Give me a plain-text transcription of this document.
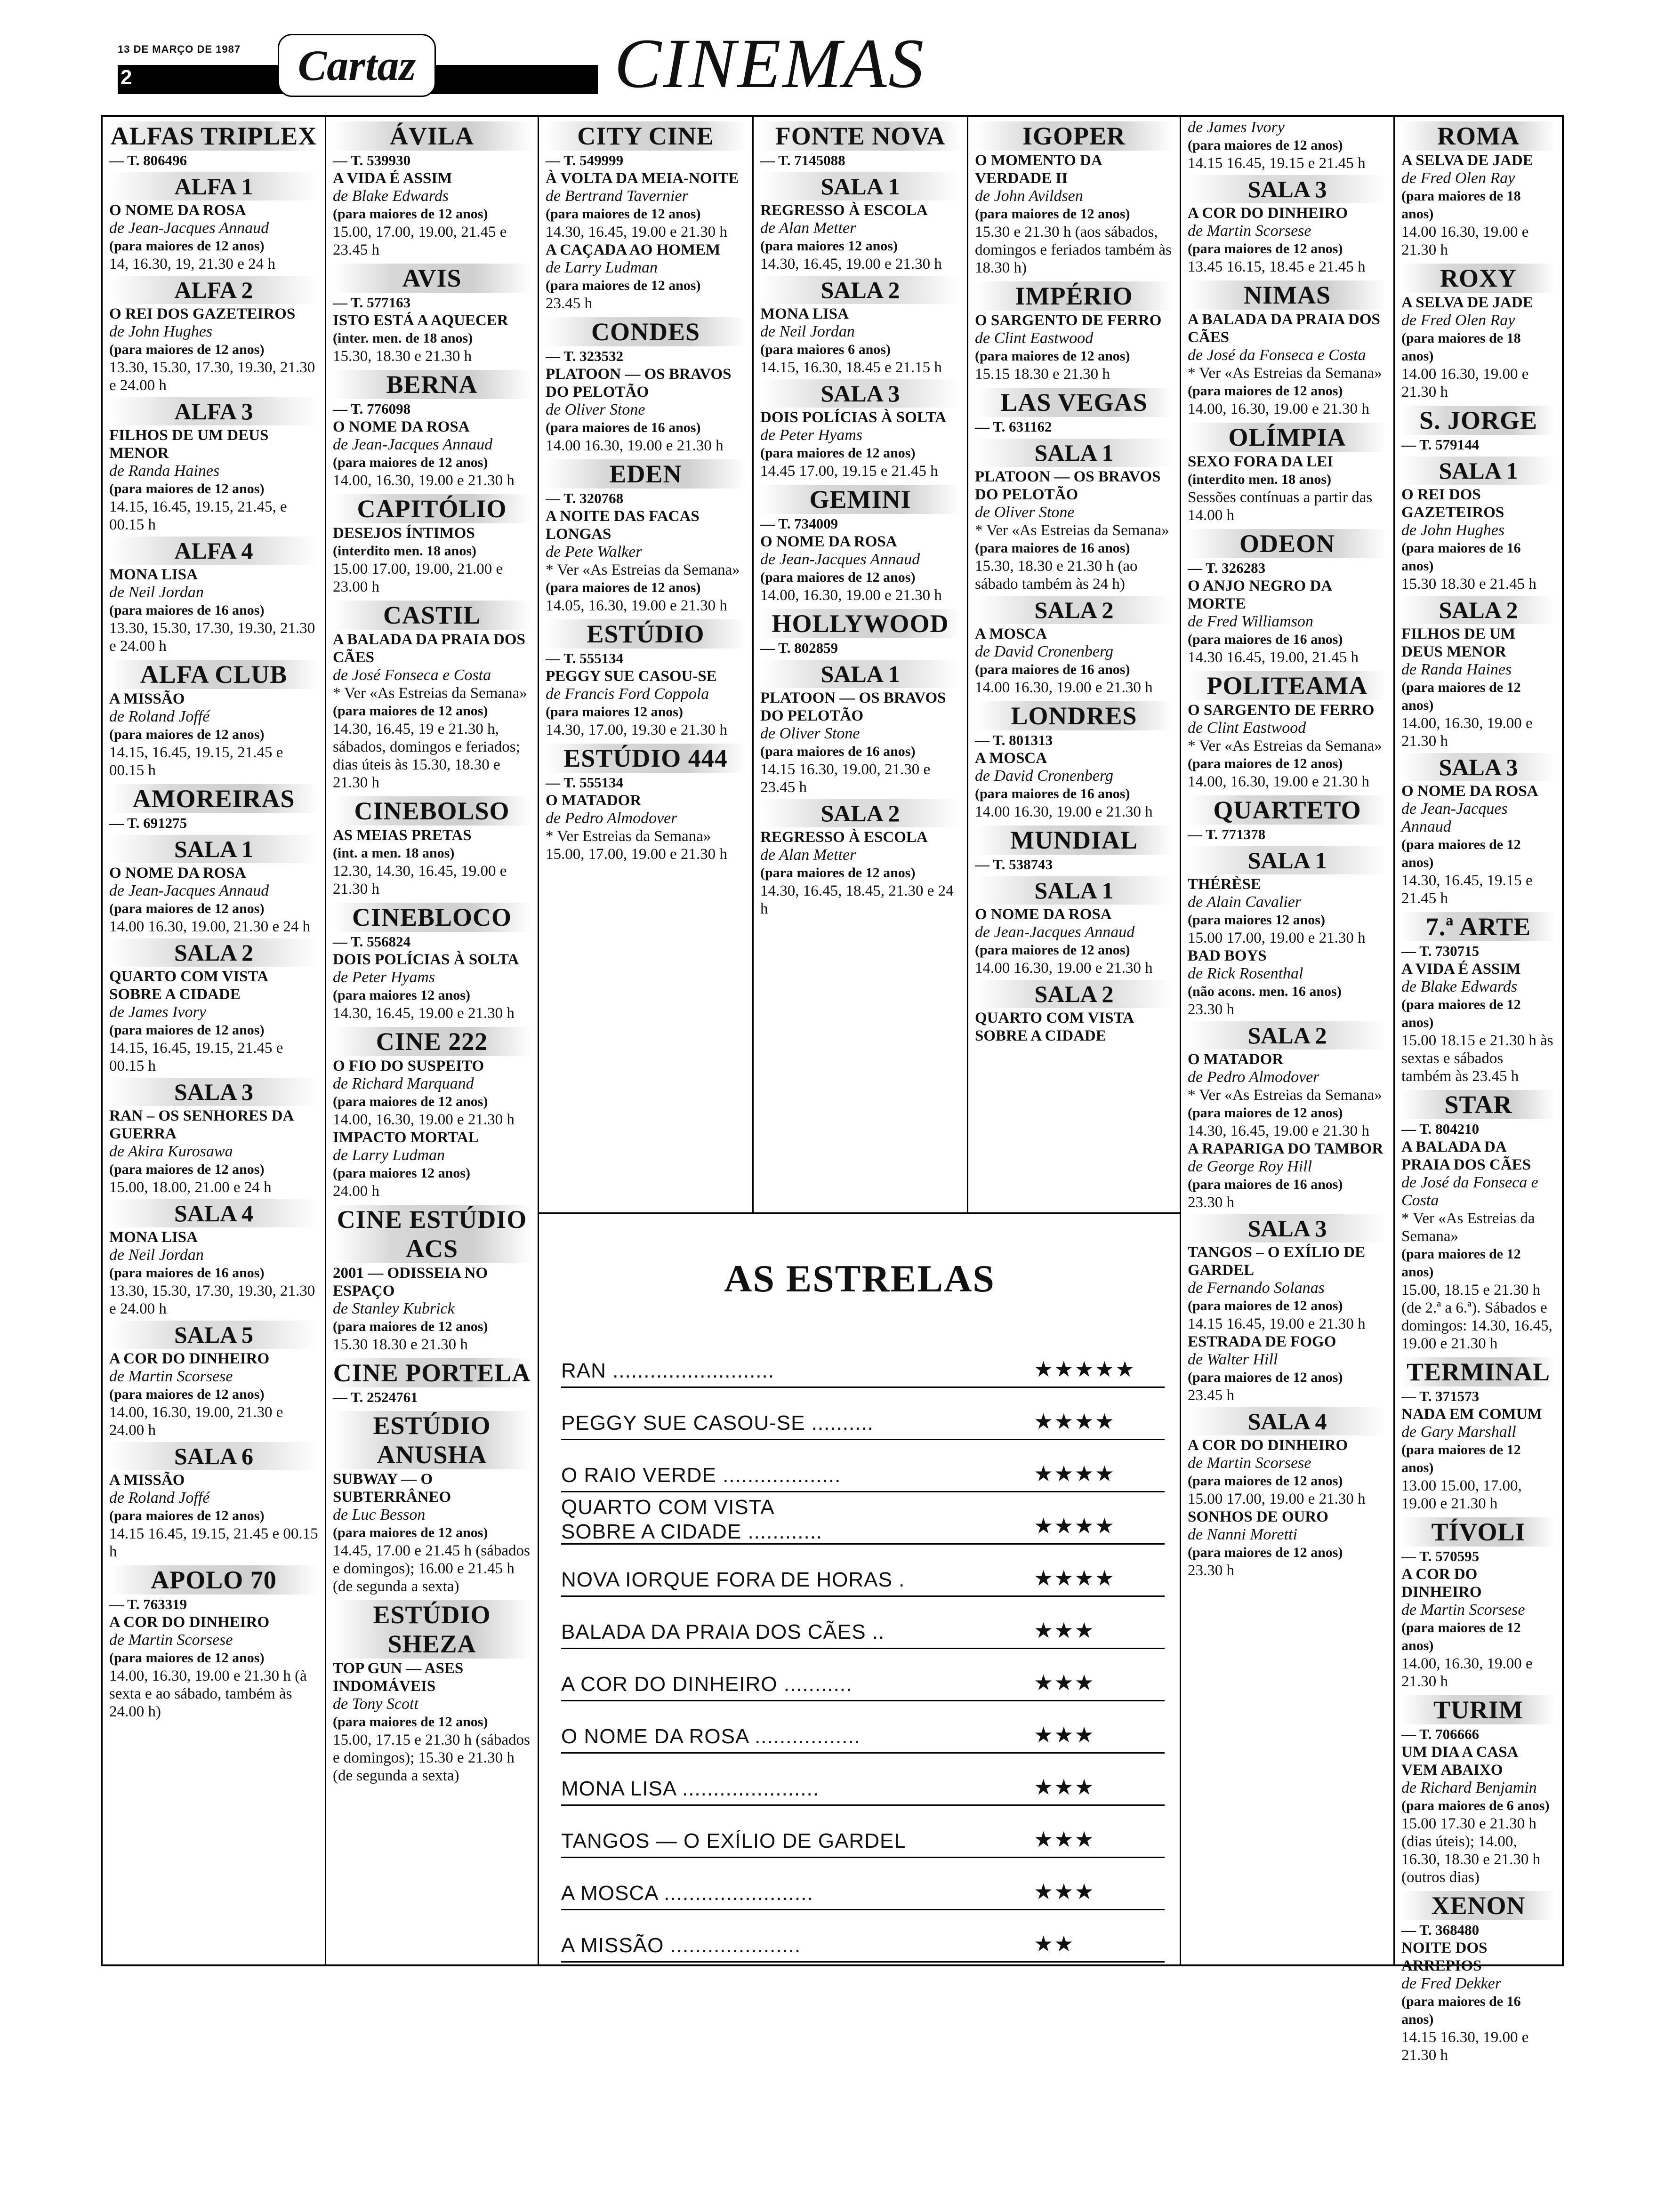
13 DE MARÇO DE 1987
2	Cartaz	CINEMAS
ALFAS TRIPLEX
— T. 806496
ALFA 1
O NOME DA ROSA
de Jean-Jacques Annaud
(para maiores de 12 anos)
14, 16.30, 19, 21.30 e 24 h
ALFA 2
O REI DOS GAZETEIROS
de John Hughes
(para maiores de 12 anos)
13.30, 15.30, 17.30, 19.30, 21.30 e 24.00 h
ALFA 3
FILHOS DE UM DEUS MENOR
de Randa Haines
(para maiores de 12 anos)
14.15, 16.45, 19.15, 21.45, e 00.15 h
ALFA 4
MONA LISA
de Neil Jordan
(para maiores de 16 anos)
13.30, 15.30, 17.30, 19.30, 21.30 e 24.00 h
ALFA CLUB
A MISSÃO
de Roland Joffé
(para maiores de 12 anos)
14.15, 16.45, 19.15, 21.45 e 00.15 h
AMOREIRAS
— T. 691275
SALA 1
O NOME DA ROSA
de Jean-Jacques Annaud
(para maiores de 12 anos)
14.00 16.30, 19.00, 21.30 e 24 h
SALA 2
QUARTO COM VISTA SOBRE A CIDADE
de James Ivory
(para maiores de 12 anos)
14.15, 16.45, 19.15, 21.45 e 00.15 h
SALA 3
RAN – OS SENHORES DA GUERRA
de Akira Kurosawa
(para maiores de 12 anos)
15.00, 18.00, 21.00 e 24 h
SALA 4
MONA LISA
de Neil Jordan
(para maiores de 16 anos)
13.30, 15.30, 17.30, 19.30, 21.30 e 24.00 h
SALA 5
A COR DO DINHEIRO
de Martin Scorsese
(para maiores de 12 anos)
14.00, 16.30, 19.00, 21.30 e 24.00 h
SALA 6
A MISSÃO
de Roland Joffé
(para maiores de 12 anos)
14.15 16.45, 19.15, 21.45 e 00.15 h
APOLO 70
— T. 763319
A COR DO DINHEIRO
de Martin Scorsese
(para maiores de 12 anos)
14.00, 16.30, 19.00 e 21.30 h (à sexta e ao sábado, também às 24.00 h)
ÁVILA
— T. 539930
A VIDA É ASSIM
de Blake Edwards
(para maiores de 12 anos)
15.00, 17.00, 19.00, 21.45 e 23.45 h
AVIS
— T. 577163
ISTO ESTÁ A AQUECER
(inter. men. de 18 anos)
15.30, 18.30 e 21.30 h
BERNA
— T. 776098
O NOME DA ROSA
de Jean-Jacques Annaud
(para maiores de 12 anos)
14.00, 16.30, 19.00 e 21.30 h
CAPITÓLIO
DESEJOS ÍNTIMOS
(interdito men. 18 anos)
15.00 17.00, 19.00, 21.00 e 23.00 h
CASTIL
A BALADA DA PRAIA DOS CÃES
de José Fonseca e Costa
* Ver «As Estreias da Semana»
(para maiores de 12 anos)
14.30, 16.45, 19 e 21.30 h, sábados, domingos e feriados; dias úteis às 15.30, 18.30 e 21.30 h
CINEBOLSO
AS MEIAS PRETAS
(int. a men. 18 anos)
12.30, 14.30, 16.45, 19.00 e 21.30 h
CINEBLOCO
— T. 556824
DOIS POLÍCIAS À SOLTA
de Peter Hyams
(para maiores 12 anos)
14.30, 16.45, 19.00 e 21.30 h
CINE 222
O FIO DO SUSPEITO
de Richard Marquand
(para maiores de 12 anos)
14.00, 16.30, 19.00 e 21.30 h
IMPACTO MORTAL
de Larry Ludman
(para maiores 12 anos)
24.00 h
CINE ESTÚDIO ACS
2001 — ODISSEIA NO ESPAÇO
de Stanley Kubrick
(para maiores de 12 anos)
15.30 18.30 e 21.30 h
CINE PORTELA
— T. 2524761
ESTÚDIO ANUSHA
SUBWAY — O SUBTERRÂNEO
de Luc Besson
(para maiores de 12 anos)
14.45, 17.00 e 21.45 h (sábados e domingos); 16.00 e 21.45 h (de segunda a sexta)
ESTÚDIO SHEZA
TOP GUN — ASES INDOMÁVEIS
de Tony Scott
(para maiores de 12 anos)
15.00, 17.15 e 21.30 h (sábados e domingos); 15.30 e 21.30 h (de segunda a sexta)
CITY CINE
— T. 549999
À VOLTA DA MEIA-NOITE
de Bertrand Tavernier
(para maiores de 12 anos)
14.30, 16.45, 19.00 e 21.30 h
A CAÇADA AO HOMEM
de Larry Ludman
(para maiores de 12 anos)
23.45 h
CONDES
— T. 323532
PLATOON — OS BRAVOS DO PELOTÃO
de Oliver Stone
(para maiores de 16 anos)
14.00 16.30, 19.00 e 21.30 h
EDEN
— T. 320768
A NOITE DAS FACAS LONGAS
de Pete Walker
* Ver «As Estreias da Semana»
(para maiores de 12 anos)
14.05, 16.30, 19.00 e 21.30 h
ESTÚDIO
— T. 555134
PEGGY SUE CASOU-SE
de Francis Ford Coppola
(para maiores 12 anos)
14.30, 17.00, 19.30 e 21.30 h
ESTÚDIO 444
— T. 555134
O MATADOR
de Pedro Almodover
* Ver Estreias da Semana»
15.00, 17.00, 19.00 e 21.30 h
FONTE NOVA
— T. 7145088
SALA 1
REGRESSO À ESCOLA
de Alan Metter
(para maiores 12 anos)
14.30, 16.45, 19.00 e 21.30 h
SALA 2
MONA LISA
de Neil Jordan
(para maiores 6 anos)
14.15, 16.30, 18.45 e 21.15 h
SALA 3
DOIS POLÍCIAS À SOLTA
de Peter Hyams
(para maiores de 12 anos)
14.45 17.00, 19.15 e 21.45 h
GEMINI
— T. 734009
O NOME DA ROSA
de Jean-Jacques Annaud
(para maiores de 12 anos)
14.00, 16.30, 19.00 e 21.30 h
HOLLYWOOD
— T. 802859
SALA 1
PLATOON — OS BRAVOS DO PELOTÃO
de Oliver Stone
(para maiores de 16 anos)
14.15 16.30, 19.00, 21.30 e 23.45 h
SALA 2
REGRESSO À ESCOLA
de Alan Metter
(para maiores de 12 anos)
14.30, 16.45, 18.45, 21.30 e 24 h
IGOPER
O MOMENTO DA VERDADE II
de John Avildsen
(para maiores de 12 anos)
15.30 e 21.30 h (aos sábados, domingos e feriados também às 18.30 h)
IMPÉRIO
O SARGENTO DE FERRO
de Clint Eastwood
(para maiores de 12 anos)
15.15 18.30 e 21.30 h
LAS VEGAS
— T. 631162
SALA 1
PLATOON — OS BRAVOS DO PELOTÃO
de Oliver Stone
* Ver «As Estreias da Semana»
(para maiores de 16 anos)
15.30, 18.30 e 21.30 h (ao sábado também às 24 h)
SALA 2
A MOSCA
de David Cronenberg
(para maiores de 16 anos)
14.00 16.30, 19.00 e 21.30 h
LONDRES
— T. 801313
A MOSCA
de David Cronenberg
(para maiores de 16 anos)
14.00 16.30, 19.00 e 21.30 h
MUNDIAL
— T. 538743
SALA 1
O NOME DA ROSA
de Jean-Jacques Annaud
(para maiores de 12 anos)
14.00 16.30, 19.00 e 21.30 h
SALA 2
QUARTO COM VISTA SOBRE A CIDADE
de James Ivory
(para maiores de 12 anos)
14.15 16.45, 19.15 e 21.45 h
SALA 3
A COR DO DINHEIRO
de Martin Scorsese
(para maiores de 12 anos)
13.45 16.15, 18.45 e 21.45 h
NIMAS
A BALADA DA PRAIA DOS CÃES
de José da Fonseca e Costa
* Ver «As Estreias da Semana»
(para maiores de 12 anos)
14.00, 16.30, 19.00 e 21.30 h
OLÍMPIA
SEXO FORA DA LEI
(interdito men. 18 anos)
Sessões contínuas a partir das 14.00 h
ODEON
— T. 326283
O ANJO NEGRO DA MORTE
de Fred Williamson
(para maiores de 16 anos)
14.30 16.45, 19.00, 21.45 h
POLITEAMA
O SARGENTO DE FERRO
de Clint Eastwood
* Ver «As Estreias da Semana»
(para maiores de 12 anos)
14.00, 16.30, 19.00 e 21.30 h
QUARTETO
— T. 771378
SALA 1
THÉRÈSE
de Alain Cavalier
(para maiores 12 anos)
15.00 17.00, 19.00 e 21.30 h
BAD BOYS
de Rick Rosenthal
(não acons. men. 16 anos)
23.30 h
SALA 2
O MATADOR
de Pedro Almodover
* Ver «As Estreias da Semana»
(para maiores de 12 anos)
14.30, 16.45, 19.00 e 21.30 h
A RAPARIGA DO TAMBOR
de George Roy Hill
(para maiores de 16 anos)
23.30 h
SALA 3
TANGOS – O EXÍLIO DE GARDEL
de Fernando Solanas
(para maiores de 12 anos)
14.15 16.45, 19.00 e 21.30 h
ESTRADA DE FOGO
de Walter Hill
(para maiores de 12 anos)
23.45 h
SALA 4
A COR DO DINHEIRO
de Martin Scorsese
(para maiores de 12 anos)
15.00 17.00, 19.00 e 21.30 h
SONHOS DE OURO
de Nanni Moretti
(para maiores de 12 anos)
23.30 h
ROMA
A SELVA DE JADE
de Fred Olen Ray
(para maiores de 18 anos)
14.00 16.30, 19.00 e 21.30 h
ROXY
A SELVA DE JADE
de Fred Olen Ray
(para maiores de 18 anos)
14.00 16.30, 19.00 e 21.30 h
S. JORGE
— T. 579144
SALA 1
O REI DOS GAZETEIROS
de John Hughes
(para maiores de 16 anos)
15.30 18.30 e 21.45 h
SALA 2
FILHOS DE UM DEUS MENOR
de Randa Haines
(para maiores de 12 anos)
14.00, 16.30, 19.00 e 21.30 h
SALA 3
O NOME DA ROSA
de Jean-Jacques Annaud
(para maiores de 12 anos)
14.30, 16.45, 19.15 e 21.45 h
7.ª ARTE
— T. 730715
A VIDA É ASSIM
de Blake Edwards
(para maiores de 12 anos)
15.00 18.15 e 21.30 h às sextas e sábados também às 23.45 h
STAR
— T. 804210
A BALADA DA PRAIA DOS CÃES
de José da Fonseca e Costa
* Ver «As Estreias da Semana»
(para maiores de 12 anos)
15.00, 18.15 e 21.30 h (de 2.ª a 6.ª). Sábados e domingos: 14.30, 16.45, 19.00 e 21.30 h
TERMINAL
— T. 371573
NADA EM COMUM
de Gary Marshall
(para maiores de 12 anos)
13.00 15.00, 17.00, 19.00 e 21.30 h
TÍVOLI
— T. 570595
A COR DO DINHEIRO
de Martin Scorsese
(para maiores de 12 anos)
14.00, 16.30, 19.00 e 21.30 h
TURIM
— T. 706666
UM DIA A CASA VEM ABAIXO
de Richard Benjamin
(para maiores de 6 anos)
15.00 17.30 e 21.30 h (dias úteis); 14.00, 16.30, 18.30 e 21.30 h (outros dias)
XENON
— T. 368480
NOITE DOS ARREPIOS
de Fred Dekker
(para maiores de 16 anos)
14.15 16.30, 19.00 e 21.30 h
AS ESTRELAS
RAN ..........................	★★★★★
PEGGY SUE CASOU-SE ..........	★★★★
O RAIO VERDE ...................	★★★★
QUARTO COM VISTA
SOBRE A CIDADE ............	★★★★
NOVA IORQUE FORA DE HORAS .	★★★★
BALADA DA PRAIA DOS CÃES ..	★★★
A COR DO DINHEIRO ...........	★★★
O NOME DA ROSA .................	★★★
MONA LISA ......................	★★★
TANGOS — O EXÍLIO DE GARDEL	★★★
A MOSCA ........................	★★★
A MISSÃO .....................	★★
